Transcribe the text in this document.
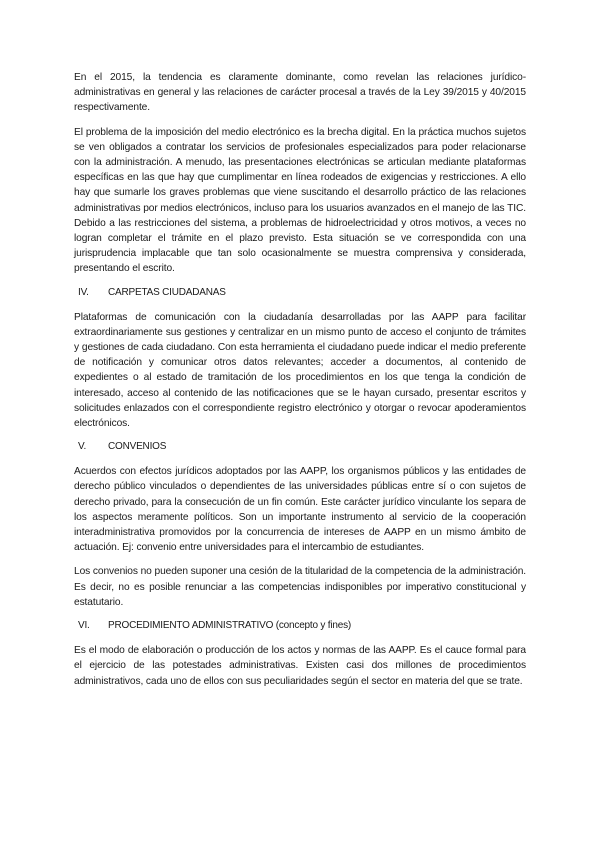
En el 2015, la tendencia es claramente dominante, como revelan las relaciones jurídico-administrativas en general y las relaciones de carácter procesal a través de la Ley 39/2015 y 40/2015 respectivamente.

El problema de la imposición del medio electrónico es la brecha digital. En la práctica muchos sujetos se ven obligados a contratar los servicios de profesionales especializados para poder relacionarse con la administración. A menudo, las presentaciones electrónicas se articulan mediante plataformas específicas en las que hay que cumplimentar en línea rodeados de exigencias y restricciones. A ello hay que sumarle los graves problemas que viene suscitando el desarrollo práctico de las relaciones administrativas por medios electrónicos, incluso para los usuarios avanzados en el manejo de las TIC. Debido a las restricciones del sistema, a problemas de hidroelectricidad y otros motivos, a veces no logran completar el trámite en el plazo previsto. Esta situación se ve correspondida con una jurisprudencia implacable que tan solo ocasionalmente se muestra comprensiva y considerada, presentando el escrito.

IV.	CARPETAS CIUDADANAS

Plataformas de comunicación con la ciudadanía desarrolladas por las AAPP para facilitar extraordinariamente sus gestiones y centralizar en un mismo punto de acceso el conjunto de trámites y gestiones de cada ciudadano. Con esta herramienta el ciudadano puede indicar el medio preferente de notificación y comunicar otros datos relevantes; acceder a documentos, al contenido de expedientes o al estado de tramitación de los procedimientos en los que tenga la condición de interesado, acceso al contenido de las notificaciones que se le hayan cursado, presentar escritos y solicitudes enlazados con el correspondiente registro electrónico y otorgar o revocar apoderamientos electrónicos.

V.	CONVENIOS

Acuerdos con efectos jurídicos adoptados por las AAPP, los organismos públicos y las entidades de derecho público vinculados o dependientes de las universidades públicas entre sí o con sujetos de derecho privado, para la consecución de un fin común. Este carácter jurídico vinculante los separa de los aspectos meramente políticos. Son un importante instrumento al servicio de la cooperación interadministrativa promovidos por la concurrencia de intereses de AAPP en un mismo ámbito de actuación. Ej: convenio entre universidades para el intercambio de estudiantes.

Los convenios no pueden suponer una cesión de la titularidad de la competencia de la administración. Es decir, no es posible renunciar a las competencias indisponibles por imperativo constitucional y estatutario.

VI.	PROCEDIMIENTO ADMINISTRATIVO (concepto y fines)

Es el modo de elaboración o producción de los actos y normas de las AAPP. Es el cauce formal para el ejercicio de las potestades administrativas. Existen casi dos millones de procedimientos administrativos, cada uno de ellos con sus peculiaridades según el sector en materia del que se trate.
